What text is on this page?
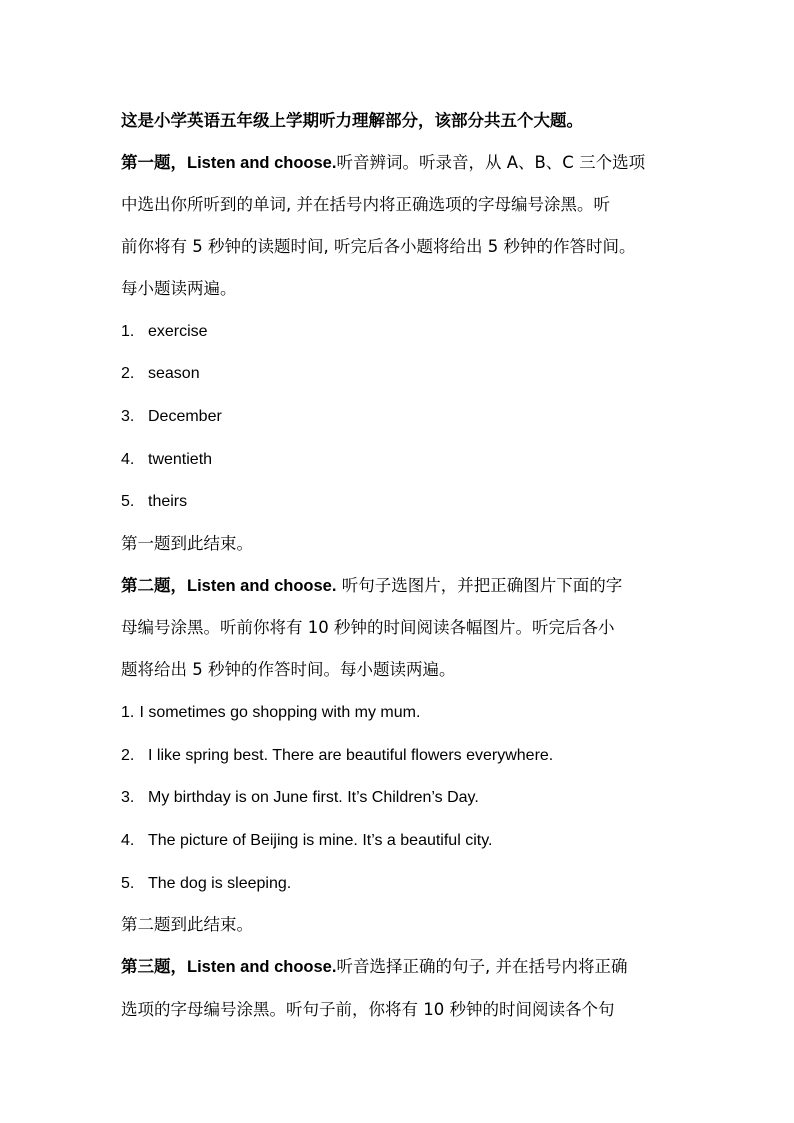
这是小学英语五年级上学期听力理解部分，该部分共五个大题。

第一题，Listen and choose.听音辨词。听录音，从 A、B、C 三个选项

中选出你所听到的单词, 并在括号内将正确选项的字母编号涂黑。听

前你将有 5 秒钟的读题时间, 听完后各小题将给出 5 秒钟的作答时间。

每小题读两遍。

1. exercise
2. season
3. December
4. twentieth
5. theirs

第一题到此结束。

第二题，Listen and choose. 听句子选图片，并把正确图片下面的字

母编号涂黑。听前你将有 10 秒钟的时间阅读各幅图片。听完后各小

题将给出 5 秒钟的作答时间。每小题读两遍。

1. I sometimes go shopping with my mum.
2. I like spring best. There are beautiful flowers everywhere.
3. My birthday is on June first. It’s Children’s Day.
4. The picture of Beijing is mine. It’s a beautiful city.
5. The dog is sleeping.

第二题到此结束。

第三题，Listen and choose.听音选择正确的句子, 并在括号内将正确

选项的字母编号涂黑。听句子前，你将有 10 秒钟的时间阅读各个句
